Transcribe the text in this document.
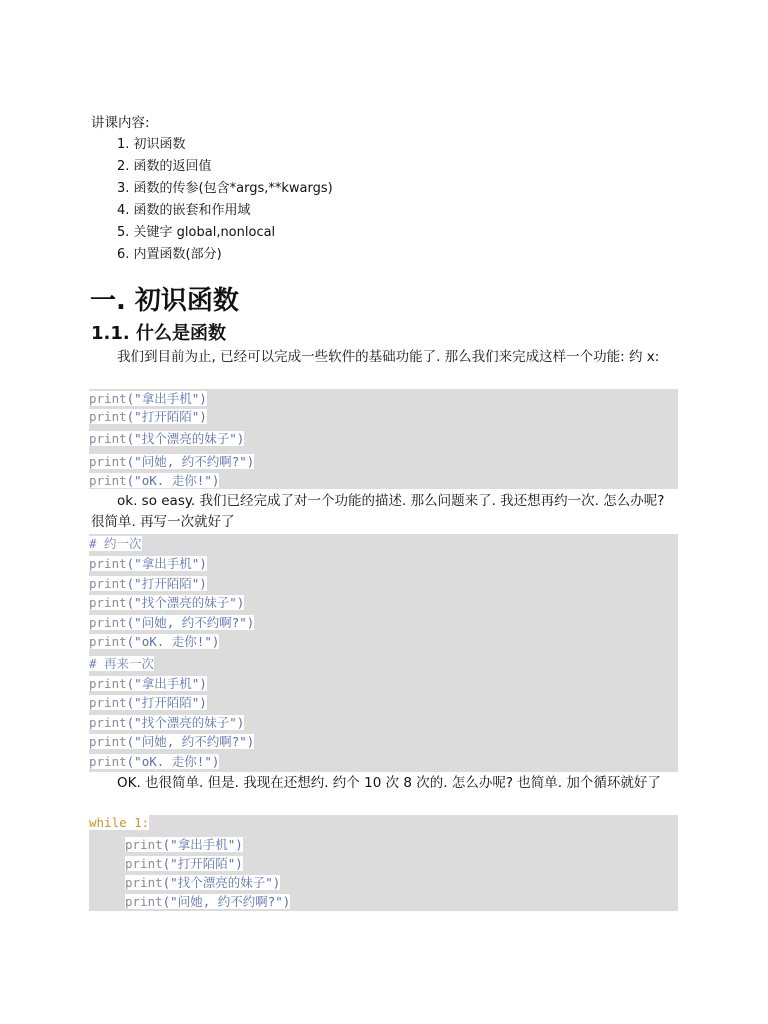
讲课内容:
1. 初识函数
2. 函数的返回值
3. 函数的传参(包含*args,**kwargs)
4. 函数的嵌套和作用域
5. 关键字 global,nonlocal
6. 内置函数(部分)
一. 初识函数
1.1. 什么是函数
我们到目前为止, 已经可以完成一些软件的基础功能了. 那么我们来完成这样一个功能: 约 x:
print("拿出手机")
print("打开陌陌")
print("找个漂亮的妹子")
print("问她, 约不约啊?")
print("oK. 走你!")
ok. so easy. 我们已经完成了对一个功能的描述. 那么问题来了. 我还想再约一次. 怎么办呢? 很简单. 再写一次就好了
# 约一次
print("拿出手机")
print("打开陌陌")
print("找个漂亮的妹子")
print("问她, 约不约啊?")
print("oK. 走你!")
# 再来一次
print("拿出手机")
print("打开陌陌")
print("找个漂亮的妹子")
print("问她, 约不约啊?")
print("oK. 走你!")
OK. 也很简单. 但是. 我现在还想约. 约个 10 次 8 次的. 怎么办呢? 也简单. 加个循环就好了
while 1:
print("拿出手机")
print("打开陌陌")
print("找个漂亮的妹子")
print("问她, 约不约啊?")
